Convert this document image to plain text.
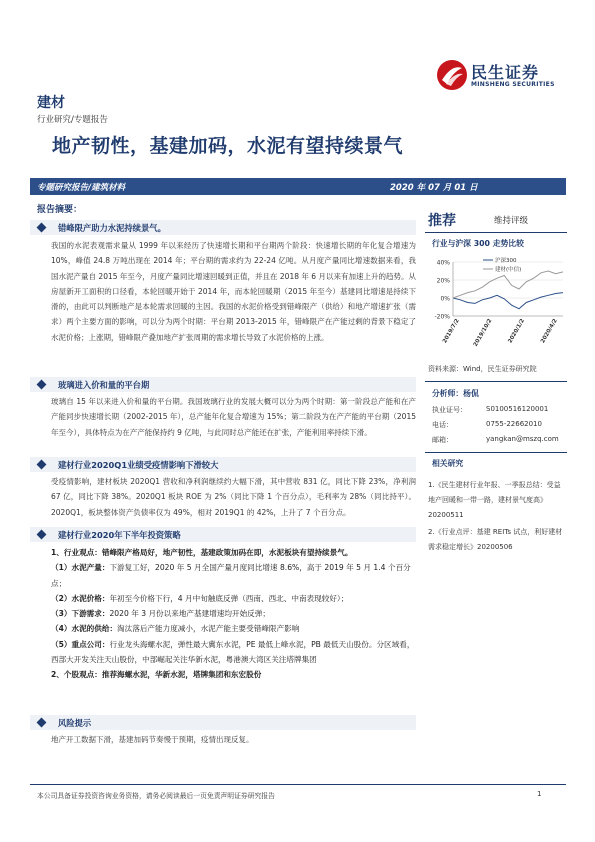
建材
行业研究/专题报告
地产韧性，基建加码，水泥有望持续景气
民生证券
MINSHENG SECURITIES
专题研究报告/建筑材料	2020 年 07 月 01 日
报告摘要：
错峰限产助力水泥持续景气。
我国的水泥表观需求量从 1999 年以来经历了快速增长期和平台期两个阶段：快速增长期的年化复合增速为 10%，峰值 24.8 万吨出现在 2014 年；平台期的需求约为 22-24 亿吨。从月度产量同比增速数据来看，我国水泥产量自 2015 年至今，月度产量同比增速回暖到正值，并且在 2018 年 6 月以来有加速上升的趋势。从房屋新开工面积的口径看，本轮回暖开始于 2014 年，而本轮回暖期（2015 年至今）基建同比增速是持续下滑的，由此可以判断地产是本轮需求回暖的主因。我国的水泥价格受到错峰限产（供给）和地产增速扩张（需求）两个主要方面的影响，可以分为两个时期：平台期 2013-2015 年，错峰限产在产能过剩的背景下稳定了水泥价格；上涨期，错峰限产叠加地产扩张周期的需求增长导致了水泥价格的上涨。
玻璃进入价和量的平台期
玻璃自 15 年以来进入价和量的平台期。我国玻璃行业的发展大概可以分为两个时期：第一阶段总产能和在产产能同步快速增长期（2002-2015 年），总产能年化复合增速为 15%；第二阶段为在产产能的平台期（2015 年至今），具体特点为在产产能保持约 9 亿吨，与此同时总产能还在扩张，产能利用率持续下滑。
建材行业2020Q1业绩受疫情影响下滑较大
受疫情影响，建材板块 2020Q1 营收和净利润继续约大幅下滑，其中营收 831 亿，同比下降 23%，净利润 67 亿，同比下降 38%。2020Q1 板块 ROE 为 2%（同比下降 1 个百分点），毛利率为 28%（同比持平）。2020Q1，板块整体资产负债率仅为 49%，相对 2019Q1 的 42%，上升了 7 个百分点。
建材行业2020年下半年投资策略
1、行业观点：错峰限产格局好，地产韧性，基建政策加码在即，水泥板块有望持续景气。
（1）水泥产量：下游复工好，2020 年 5 月全国产量月度同比增速 8.6%，高于 2019 年 5 月 1.4 个百分点；
（2）水泥价格：年初至今价格下行，4 月中旬触底反弹（西南、西北、中南表现较好）；
（3）下游需求：2020 年 3 月份以来地产基建增速均开始反弹；
（4）水泥的供给：淘汰落后产能力度减小，水泥产能主要受错峰限产影响
（5）重点公司：行业龙头海螺水泥，弹性最大冀东水泥，PE 最低上峰水泥，PB 最低天山股份。分区域看，西部大开发关注天山股份，中部崛起关注华新水泥，粤港澳大湾区关注塔牌集团
2、个股观点：推荐海螺水泥，华新水泥，塔牌集团和东宏股份
风险提示
地产开工数据下滑，基建加码节奏慢于预期，疫情出现反复。
推荐	维持评级
行业与沪深 300 走势比较
40%
20%
0%
-20%
沪深300
建材(中信)
2019/7/2 2019/10/2	2020/1/2	2020/4/2
资料来源：Wind，民生证券研究院
分析师：杨侃
执业证号：	S0100516120001
电话：	0755-22662010
邮箱：	yangkan@mszq.com
相关研究
1.《民生建材行业年报、一季报总结：受益地产回暖和一带一路，建材景气度高》20200511
2.《行业点评：基建 REITs 试点，利好建材需求稳定增长》20200506
本公司具备证券投资咨询业务资格，请务必阅读最后一页免责声明证券研究报告	1
